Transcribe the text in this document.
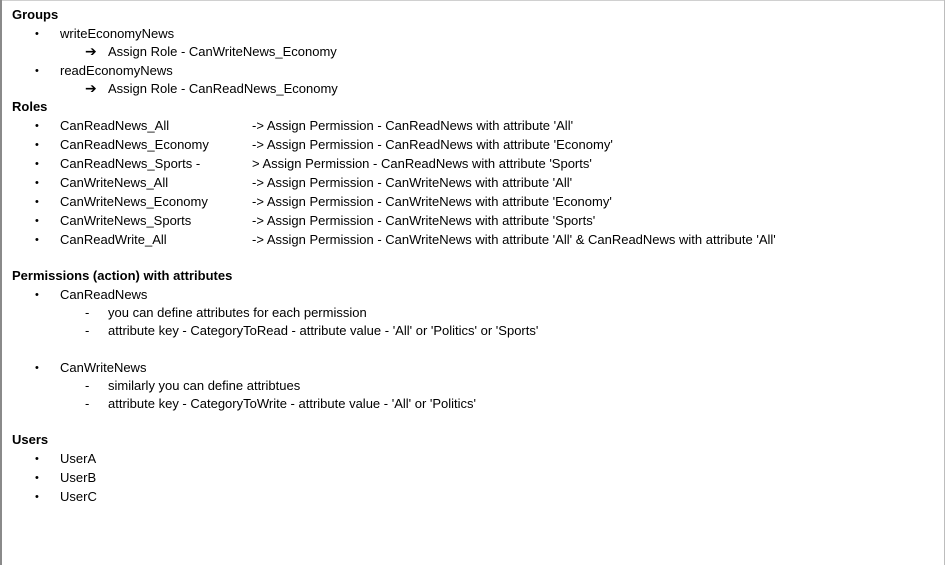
Groups
• writeEconomyNews
➔ Assign Role - CanWriteNews_Economy
• readEconomyNews
➔ Assign Role - CanReadNews_Economy
Roles
• CanReadNews_All	-> Assign Permission - CanReadNews with attribute 'All'
• CanReadNews_Economy	-> Assign Permission - CanReadNews with attribute 'Economy'
• CanReadNews_Sports -	> Assign Permission - CanReadNews with attribute 'Sports'
• CanWriteNews_All	-> Assign Permission - CanWriteNews with attribute 'All'
• CanWriteNews_Economy	-> Assign Permission - CanWriteNews with attribute 'Economy'
• CanWriteNews_Sports	-> Assign Permission - CanWriteNews with attribute 'Sports'
• CanReadWrite_All	-> Assign Permission - CanWriteNews with attribute 'All' & CanReadNews with attribute 'All'
Permissions (action) with attributes
• CanReadNews
- you can define attributes for each permission
- attribute key - CategoryToRead - attribute value - 'All' or 'Politics' or 'Sports'
• CanWriteNews
- similarly you can define attribtues
- attribute key - CategoryToWrite - attribute value - 'All' or 'Politics'
Users
• UserA
• UserB
• UserC
